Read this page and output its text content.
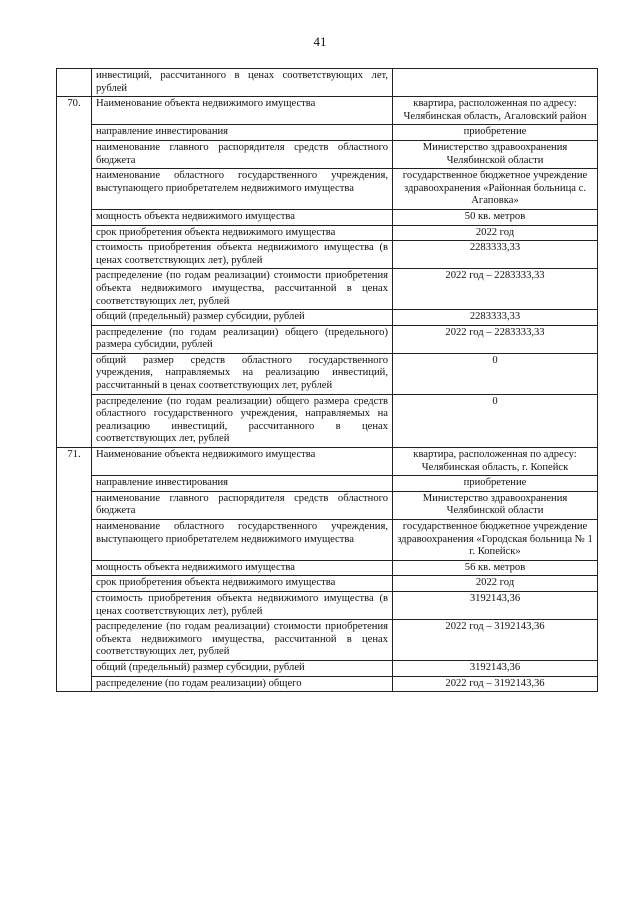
41
	инвестиций, рассчитанного в ценах соответствующих лет, рублей	
70.	Наименование объекта недвижимого имущества	квартира, расположенная по адресу: Челябинская область, Агаловский район
	направление инвестирования	приобретение
	наименование главного распорядителя средств областного бюджета	Министерство здравоохранения Челябинской области
	наименование областного государственного учреждения, выступающего приобретателем недвижимого имущества	государственное бюджетное учреждение здравоохранения «Районная больница с. Агаповка»
	мощность объекта недвижимого имущества	50 кв. метров
	срок приобретения объекта недвижимого имущества	2022 год
	стоимость приобретения объекта недвижимого имущества (в ценах соответствующих лет), рублей	2283333,33
	распределение (по годам реализации) стоимости приобретения объекта недвижимого имущества, рассчитанной в ценах соответствующих лет, рублей	2022 год – 2283333,33
	общий (предельный) размер субсидии, рублей	2283333,33
	распределение (по годам реализации) общего (предельного) размера субсидии, рублей	2022 год – 2283333,33
	общий размер средств областного государственного учреждения, направляемых на реализацию инвестиций, рассчитанный в ценах соответствующих лет, рублей	0
	распределение (по годам реализации) общего размера средств областного государственного учреждения, направляемых на реализацию инвестиций, рассчитанного в ценах соответствующих лет, рублей	0
71.	Наименование объекта недвижимого имущества	квартира, расположенная по адресу: Челябинская область, г. Копейск
	направление инвестирования	приобретение
	наименование главного распорядителя средств областного бюджета	Министерство здравоохранения Челябинской области
	наименование областного государственного учреждения, выступающего приобретателем недвижимого имущества	государственное бюджетное учреждение здравоохранения «Городская больница № 1 г. Копейск»
	мощность объекта недвижимого имущества	56 кв. метров
	срок приобретения объекта недвижимого имущества	2022 год
	стоимость приобретения объекта недвижимого имущества (в ценах соответствующих лет), рублей	3192143,36
	распределение (по годам реализации) стоимости приобретения объекта недвижимого имущества, рассчитанной в ценах соответствующих лет, рублей	2022 год – 3192143,36
	общий (предельный) размер субсидии, рублей	3192143,36
	распределение (по годам реализации) общего	2022 год – 3192143,36
